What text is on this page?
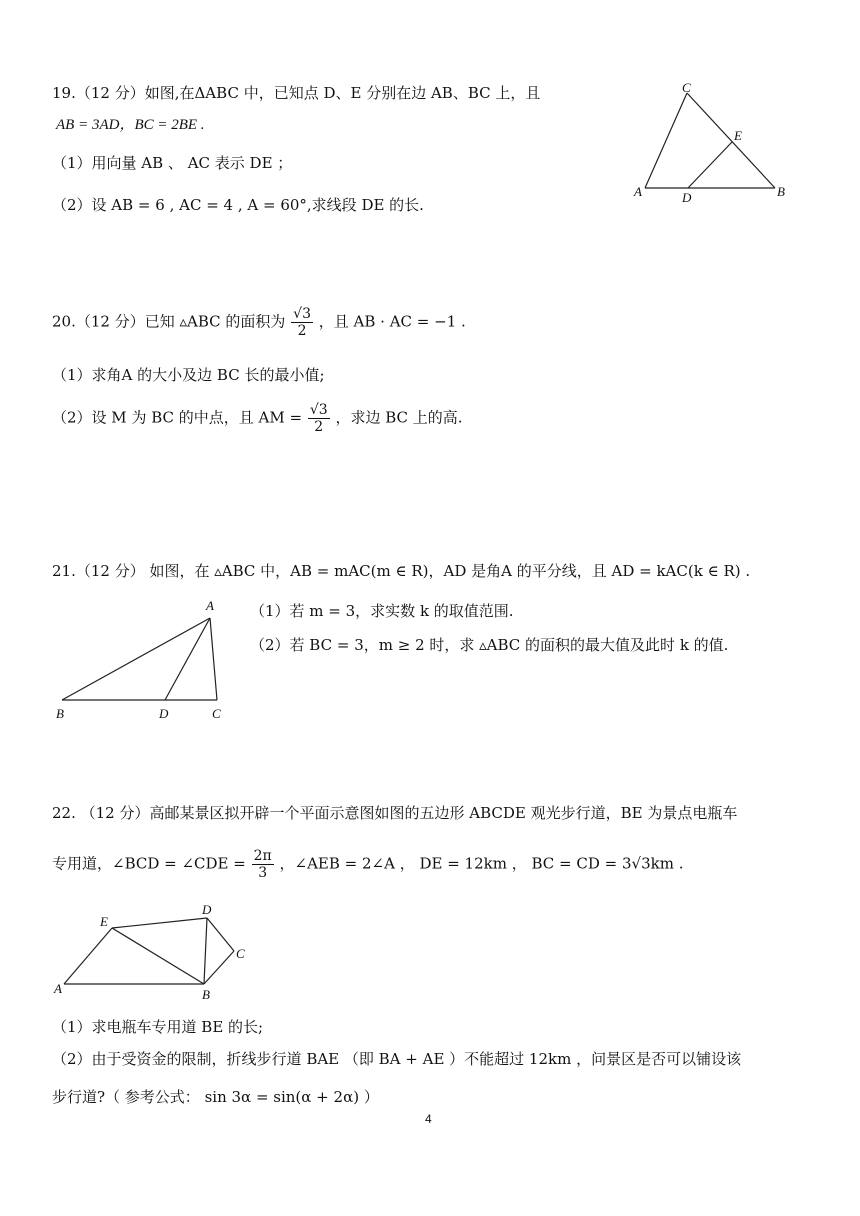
19.（12 分）如图,在ΔABC 中，已知点 D、E 分别在边 AB、BC 上，且
AB = 3AD，BC = 2BE .
（1）用向量 AB 、 AC 表示 DE ；
（2）设 AB = 6 , AC = 4 , A = 60°,求线段 DE 的长.
C
E
A	D	B
20.（12 分）已知 ▵ABC 的面积为 $\frac{√3}{2}$ ，且 AB · AC = −1 .
（1）求角A 的大小及边 BC 长的最小值;
（2）设 M 为 BC 的中点，且 AM = $\frac{√3}{2}$ ，求边 BC 上的高.
21.（12 分） 如图，在 ▵ABC 中，AB = mAC(m ∈ R)，AD 是角A 的平分线，且 AD = kAC(k ∈ R) .
（1）若 m = 3，求实数 k 的取值范围.
（2）若 BC = 3，m ≥ 2 时，求 ▵ABC 的面积的最大值及此时 k 的值.
A
B	D	C
22. （12 分）高邮某景区拟开辟一个平面示意图如图的五边形 ABCDE 观光步行道，BE 为景点电瓶车
专用道，∠BCD = ∠CDE = $\frac{2\pi}{3}$ ，∠AEB = 2∠A ， DE = 12km ， BC = CD = 3√3km .
E
D
C
A	B
（1）求电瓶车专用道 BE 的长;
（2）由于受资金的限制，折线步行道 BAE （即 BA + AE ）不能超过 12km ，问景区是否可以铺设该
步行道?（ 参考公式： sin 3α = sin(α + 2α) ）
4
